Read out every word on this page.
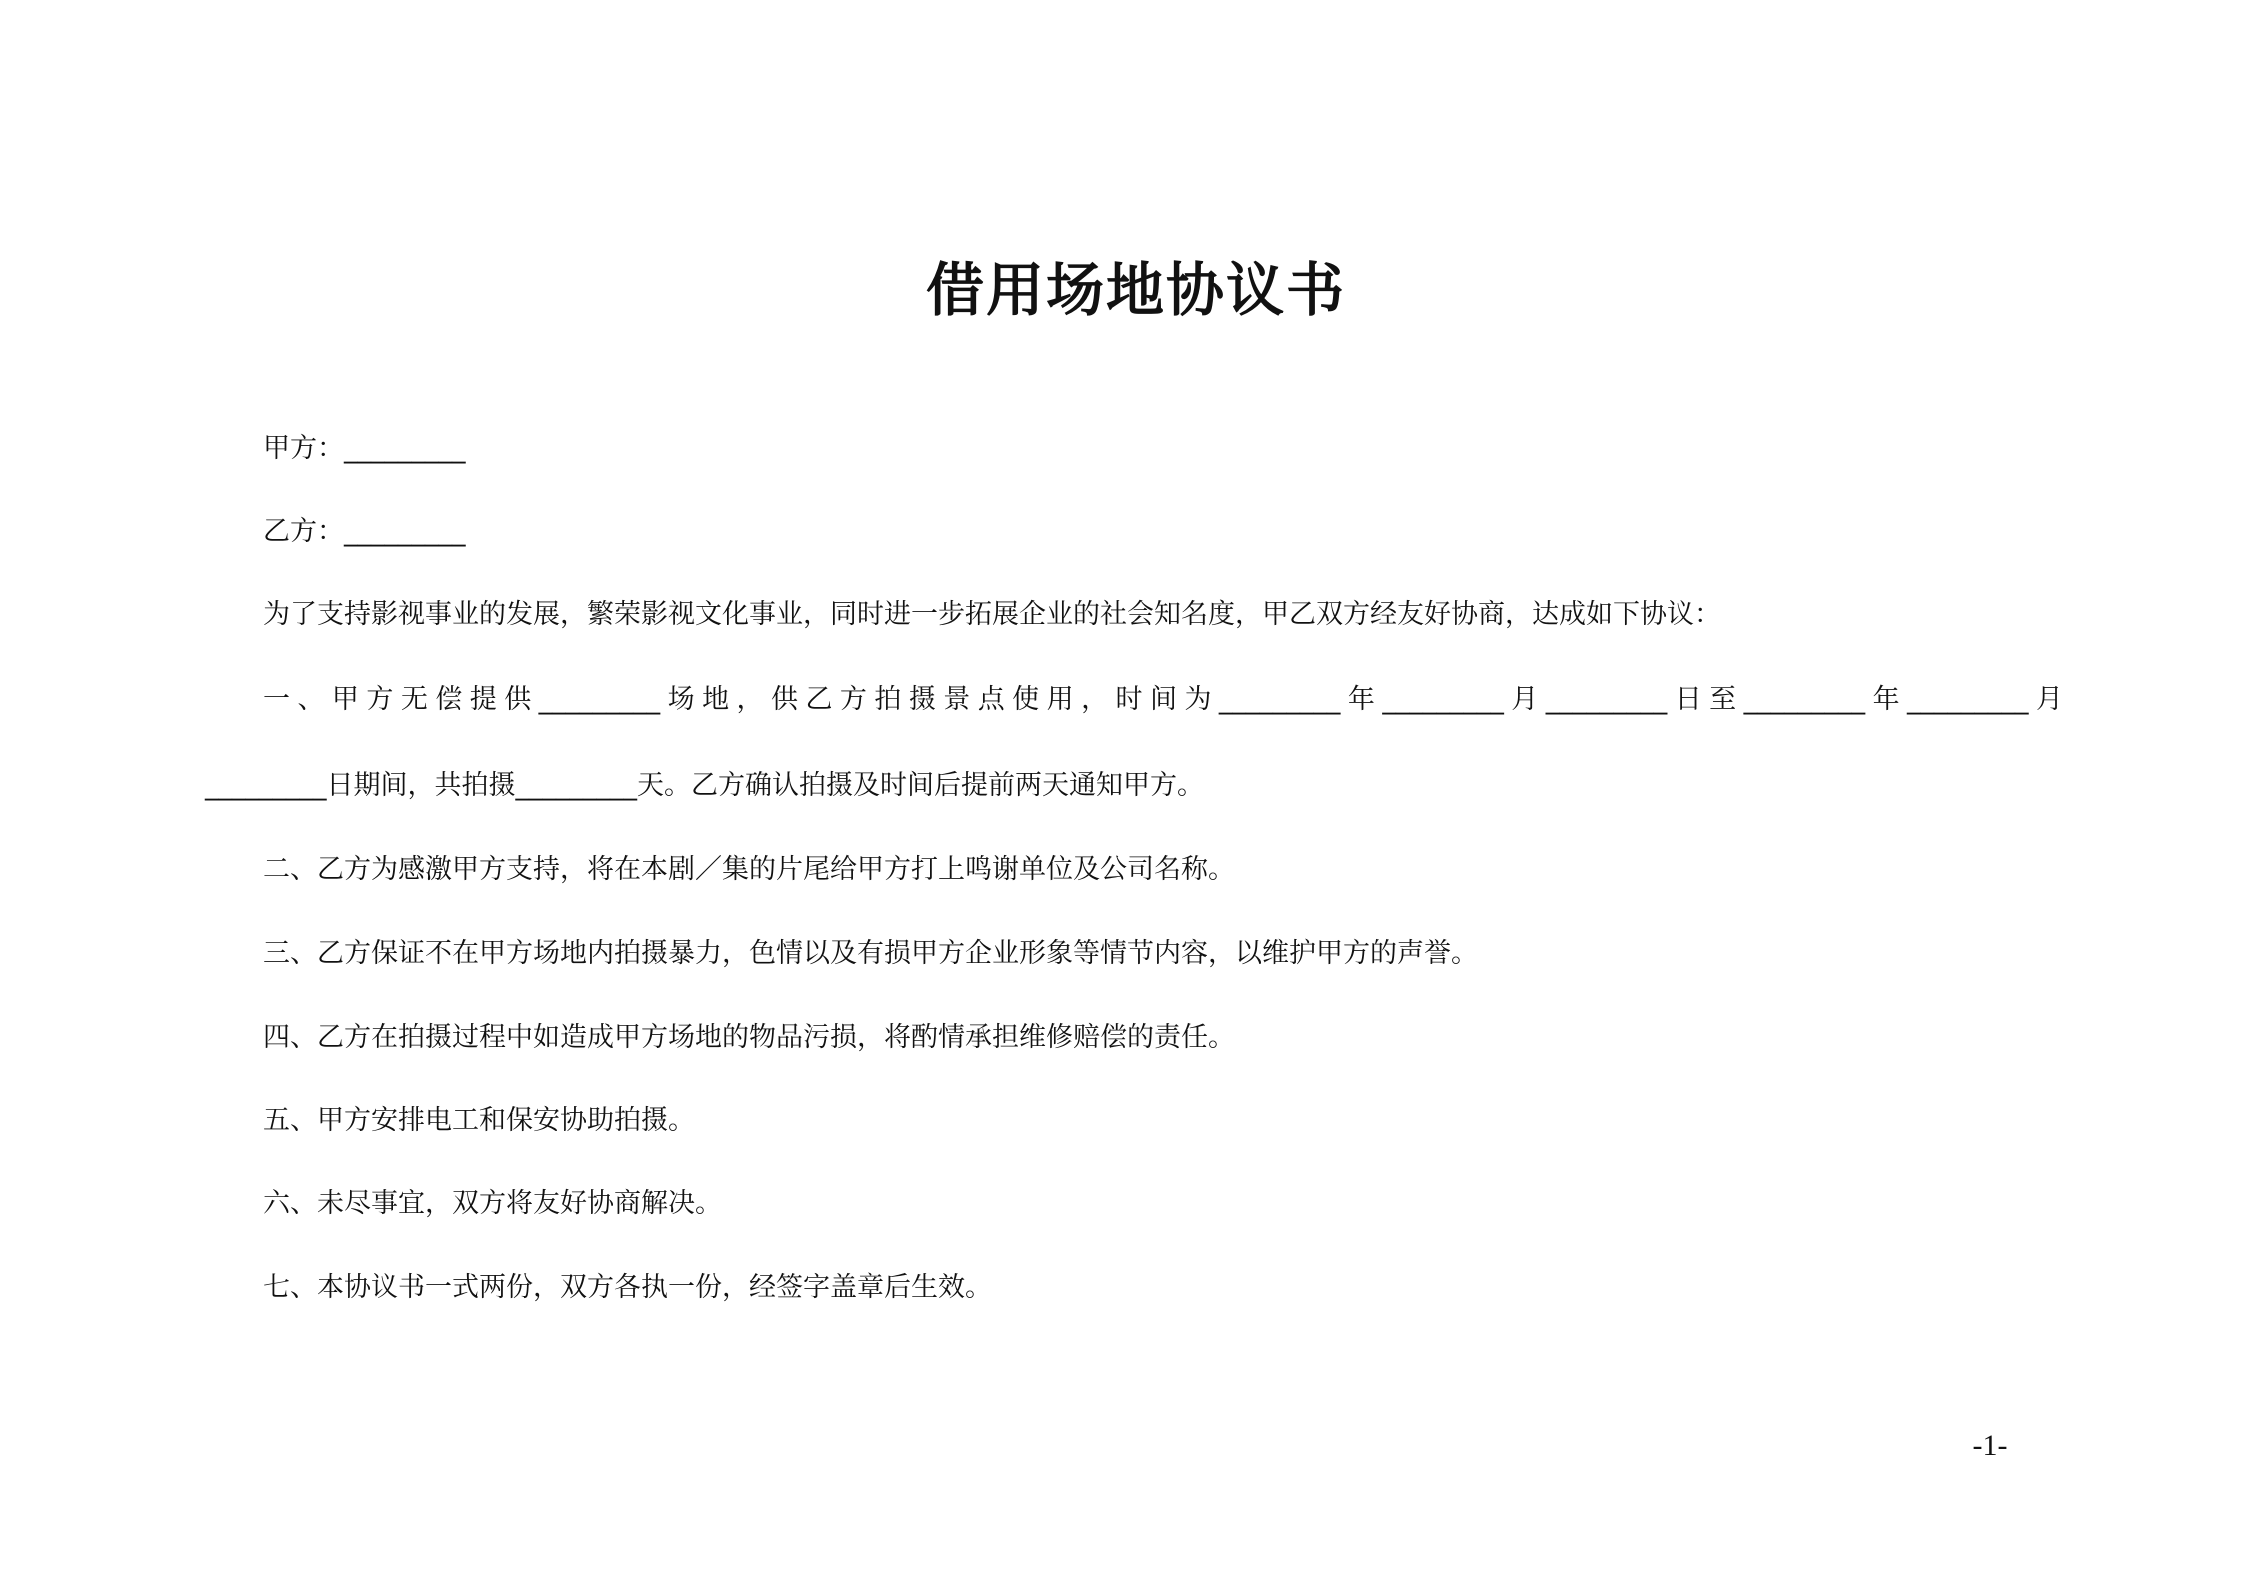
借用场地协议书
甲方：_________
乙方：_________
为了支持影视事业的发展，繁荣影视文化事业，同时进一步拓展企业的社会知名度，甲乙双方经友好协商，达成如下协议：
一、甲方无偿提供_________场地，供乙方拍摄景点使用，时间为_________年_________月_________日至_________年_________月
_________日期间，共拍摄_________天。乙方确认拍摄及时间后提前两天通知甲方。
二、乙方为感激甲方支持，将在本剧／集的片尾给甲方打上鸣谢单位及公司名称。
三、乙方保证不在甲方场地内拍摄暴力，色情以及有损甲方企业形象等情节内容，以维护甲方的声誉。
四、乙方在拍摄过程中如造成甲方场地的物品污损，将酌情承担维修赔偿的责任。
五、甲方安排电工和保安协助拍摄。
六、未尽事宜，双方将友好协商解决。
七、本协议书一式两份，双方各执一份，经签字盖章后生效。
-1-
